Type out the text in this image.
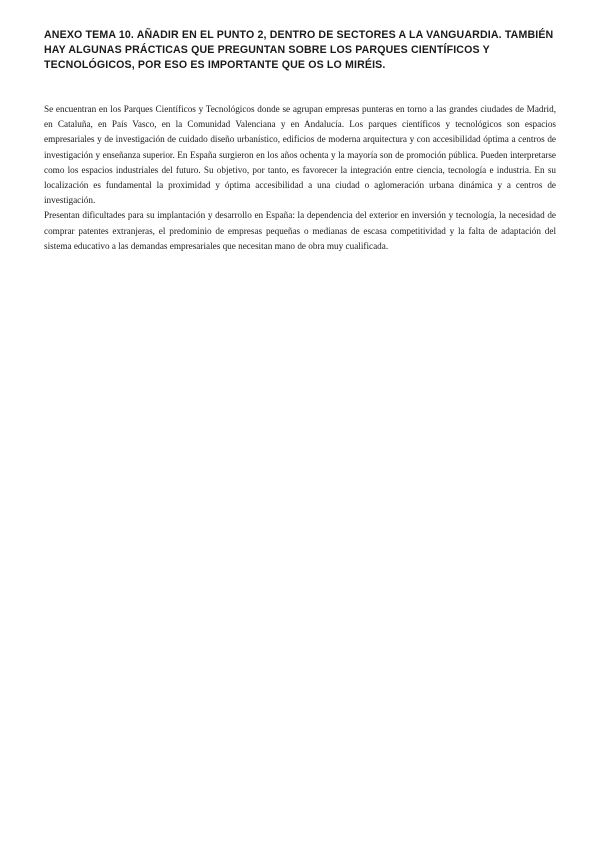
ANEXO TEMA 10. AÑADIR EN EL PUNTO 2, DENTRO DE SECTORES A LA VANGUARDIA. TAMBIÉN HAY ALGUNAS PRÁCTICAS QUE PREGUNTAN SOBRE LOS PARQUES CIENTÍFICOS Y TECNOLÓGICOS, POR ESO ES IMPORTANTE QUE OS LO MIRÉIS.

Se encuentran en los Parques Científicos y Tecnológicos donde se agrupan empresas punteras en torno a las grandes ciudades de Madrid, en Cataluña, en País Vasco, en la Comunidad Valenciana y en Andalucía. Los parques científicos y tecnológicos son espacios empresariales y de investigación de cuidado diseño urbanístico, edificios de moderna arquitectura y con accesibilidad óptima a centros de investigación y enseñanza superior. En España surgieron en los años ochenta y la mayoría son de promoción pública. Pueden interpretarse como los espacios industriales del futuro. Su objetivo, por tanto, es favorecer la integración entre ciencia, tecnología e industria. En su localización es fundamental la proximidad y óptima accesibilidad a una ciudad o aglomeración urbana dinámica y a centros de investigación.

Presentan dificultades para su implantación y desarrollo en España: la dependencia del exterior en inversión y tecnología, la necesidad de comprar patentes extranjeras, el predominio de empresas pequeñas o medianas de escasa competitividad y la falta de adaptación del sistema educativo a las demandas empresariales que necesitan mano de obra muy cualificada.
